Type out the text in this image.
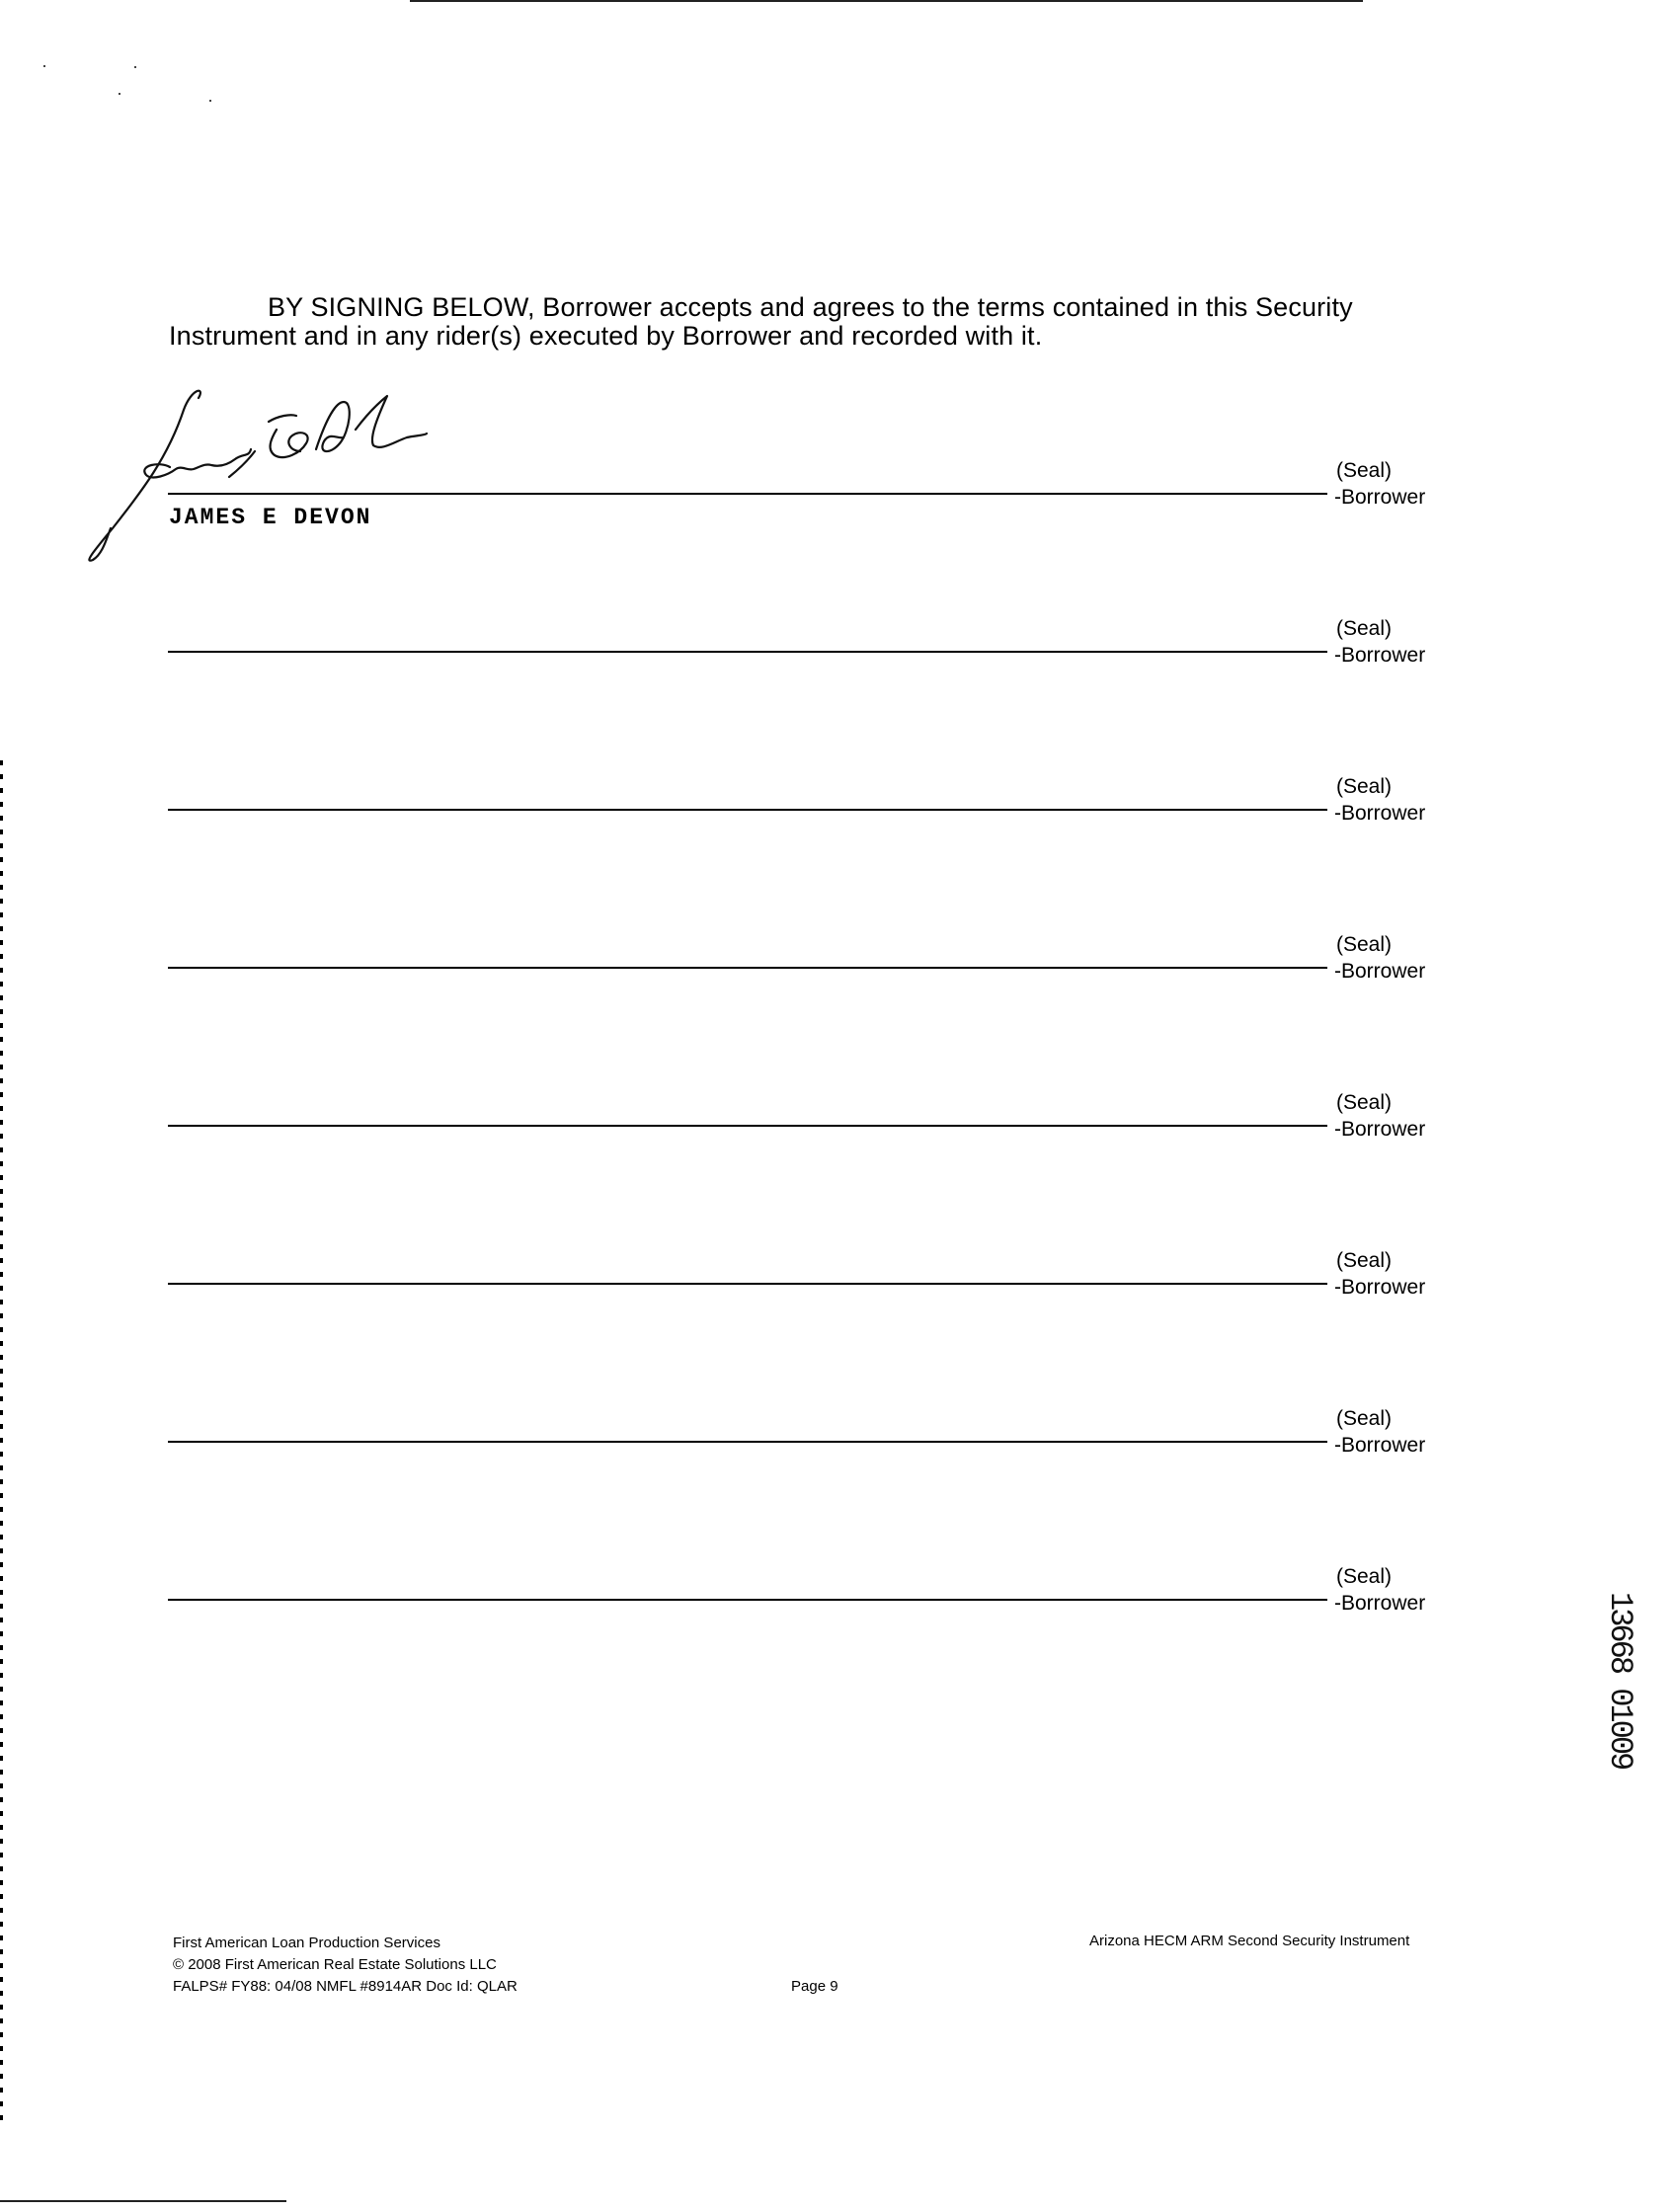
BY SIGNING BELOW, Borrower accepts and agrees to the terms contained in this Security Instrument and in any rider(s) executed by Borrower and recorded with it.

(Seal)
-Borrower
JAMES E DEVON
(Seal)
-Borrower
(Seal)
-Borrower
(Seal)
-Borrower
(Seal)
-Borrower
(Seal)
-Borrower
(Seal)
-Borrower
(Seal)
-Borrower	13668 01009
First American Loan Production Services
© 2008 First American Real Estate Solutions LLC
FALPS# FY88: 04/08 NMFL #8914AR Doc Id: QLAR	Page 9
Arizona HECM ARM Second Security Instrument
